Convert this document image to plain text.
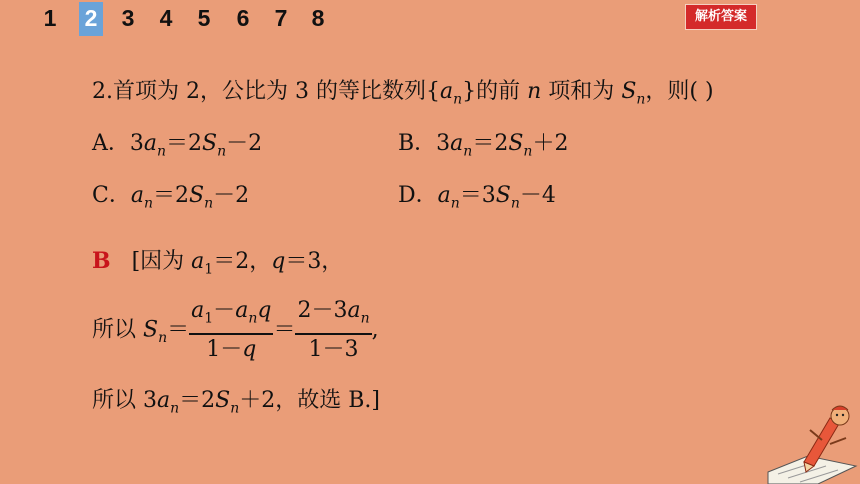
1 2 3 4 5 6 7 8	解析答案
2.首项为 2，公比为 3 的等比数列$\{a_n\}$的前 n 项和为 $S_n$，则( )
A．$3a_n=2S_n-2$	B．$3a_n=2S_n+2$
C．$a_n=2S_n-2$	D．$a_n=3S_n-4$
B [因为 $a_1=2$，q＝3，
所以 $S_n= \frac{a_1-a_nq}{1-q} = \frac{2-3a_n}{1-3}$ ,
所以 $3a_n=2S_n+2$，故选 B.]
